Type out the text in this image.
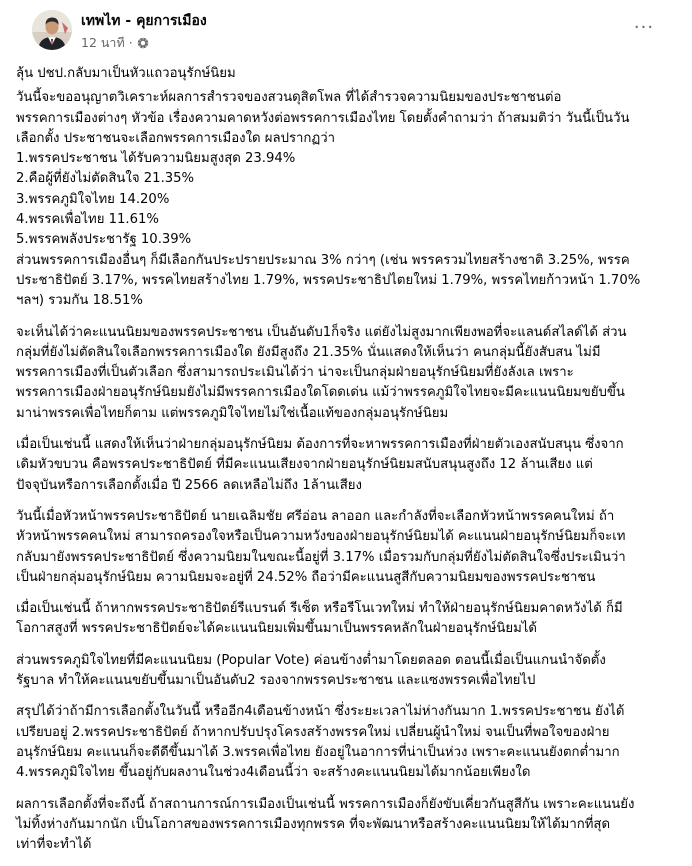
เทพไท - คุยการเมือง
12 นาที ·
···
ลุ้น ปชป.กลับมาเป็นหัวแถวอนุรักษ์นิยม
วันนี้จะขออนุญาตวิเคราะห์ผลการสำรวจของสวนดุสิตโพล ที่ได้สำรวจความนิยมของประชาชนต่อ
พรรคการเมืองต่างๆ หัวข้อ เรื่องความคาดหวังต่อพรรคการเมืองไทย โดยตั้งคำถามว่า ถ้าสมมติว่า วันนี้เป็นวัน
เลือกตั้ง ประชาชนจะเลือกพรรคการเมืองใด ผลปรากฏว่า
1.พรรคประชาชน ได้รับความนิยมสูงสุด 23.94%
2.คือผู้ที่ยังไม่ตัดสินใจ 21.35%
3.พรรคภูมิใจไทย 14.20%
4.พรรคเพื่อไทย 11.61%
5.พรรคพลังประชารัฐ 10.39%
ส่วนพรรคการเมืองอื่นๆ ก็มีเลือกกันประปรายประมาณ 3% กว่าๆ (เช่น พรรครวมไทยสร้างชาติ 3.25%, พรรค
ประชาธิปัตย์ 3.17%, พรรคไทยสร้างไทย 1.79%, พรรคประชาธิปไตยใหม่ 1.79%, พรรคไทยก้าวหน้า 1.70%
ฯลฯ) รวมกัน 18.51%
จะเห็นได้ว่าคะแนนนิยมของพรรคประชาชน เป็นอันดับ1ก็จริง แต่ยังไม่สูงมากเพียงพอที่จะแลนด์สไลด์ได้ ส่วน
กลุ่มที่ยังไม่ตัดสินใจเลือกพรรคการเมืองใด ยังมีสูงถึง 21.35% นั่นแสดงให้เห็นว่า คนกลุ่มนี้ยังสับสน ไม่มี
พรรคการเมืองที่เป็นตัวเลือก ซึ่งสามารถประเมินได้ว่า น่าจะเป็นกลุ่มฝ่ายอนุรักษ์นิยมที่ยังลังเล เพราะ
พรรคการเมืองฝ่ายอนุรักษ์นิยมยังไม่มีพรรคการเมืองใดโดดเด่น แม้ว่าพรรคภูมิใจไทยจะมีคะแนนนิยมขยับขึ้น
มาน่าพรรคเพื่อไทยก็ตาม แต่พรรคภูมิใจไทยไม่ใช่เนื้อแท้ของกลุ่มอนุรักษ์นิยม
เมื่อเป็นเช่นนี้ แสดงให้เห็นว่าฝ่ายกลุ่มอนุรักษ์นิยม ต้องการที่จะหาพรรคการเมืองที่ฝ่ายตัวเองสนับสนุน ซึ่งจาก
เดิมหัวขบวน คือพรรคประชาธิปัตย์ ที่มีคะแนนเสียงจากฝ่ายอนุรักษ์นิยมสนับสนุนสูงถึง 12 ล้านเสียง แต่
ปัจจุบันหรือการเลือกตั้งเมื่อ ปี 2566 ลดเหลือไม่ถึง 1ล้านเสียง
วันนี้เมื่อหัวหน้าพรรคประชาธิปัตย์ นายเฉลิมชัย ศรีอ่อน ลาออก และกำลังที่จะเลือกหัวหน้าพรรคคนใหม่ ถ้า
หัวหน้าพรรคคนใหม่ สามารถครองใจหรือเป็นความหวังของฝ่ายอนุรักษ์นิยมได้ คะแนนฝ่ายอนุรักษ์นิยมก็จะเท
กลับมายังพรรคประชาธิปัตย์ ซึ่งความนิยมในขณะนี้อยู่ที่ 3.17% เมื่อรวมกับกลุ่มที่ยังไม่ตัดสินใจซึ่งประเมินว่า
เป็นฝ่ายกลุ่มอนุรักษ์นิยม ความนิยมจะอยู่ที่ 24.52% ถือว่ามีคะแนนสูสีกับความนิยมของพรรคประชาชน
เมื่อเป็นเช่นนี้ ถ้าหากพรรคประชาธิปัตย์รีแบรนด์ รีเซ็ต หรือรีโนเวทใหม่ ทำให้ฝ่ายอนุรักษ์นิยมคาดหวังได้ ก็มี
โอกาสสูงที่ พรรคประชาธิปัตย์จะได้คะแนนนิยมเพิ่มขึ้นมาเป็นพรรคหลักในฝ่ายอนุรักษ์นิยมได้
ส่วนพรรคภูมิใจไทยที่มีคะแนนนิยม (Popular Vote) ค่อนข้างต่ำมาโดยตลอด ตอนนี้เมื่อเป็นแกนนำจัดตั้ง
รัฐบาล ทำให้คะแนนขยับขึ้นมาเป็นอันดับ2 รองจากพรรคประชาชน และแซงพรรคเพื่อไทยไป
สรุปได้ว่าถ้ามีการเลือกตั้งในวันนี้ หรืออีก4เดือนข้างหน้า ซึ่งระยะเวลาไม่ห่างกันมาก 1.พรรคประชาชน ยังได้
เปรียบอยู่ 2.พรรคประชาธิปัตย์ ถ้าหากปรับปรุงโครงสร้างพรรคใหม่ เปลี่ยนผู้นำใหม่ จนเป็นที่พอใจของฝ่าย
อนุรักษ์นิยม คะแนนก็จะดีดีขึ้นมาได้ 3.พรรคเพื่อไทย ยังอยู่ในอาการที่น่าเป็นห่วง เพราะคะแนนยังตกต่ำมาก
4.พรรคภูมิใจไทย ขึ้นอยู่กับผลงานในช่วง4เดือนนี้ว่า จะสร้างคะแนนนิยมได้มากน้อยเพียงใด
ผลการเลือกตั้งที่จะถึงนี้ ถ้าสถานการณ์การเมืองเป็นเช่นนี้ พรรคการเมืองก็ยังขับเคี่ยวกันสูสีกัน เพราะคะแนนยัง
ไม่ทิ้งห่างกันมากนัก เป็นโอกาสของพรรคการเมืองทุกพรรค ที่จะพัฒนาหรือสร้างคะแนนนิยมให้ได้มากที่สุด
เท่าที่จะทำได้
